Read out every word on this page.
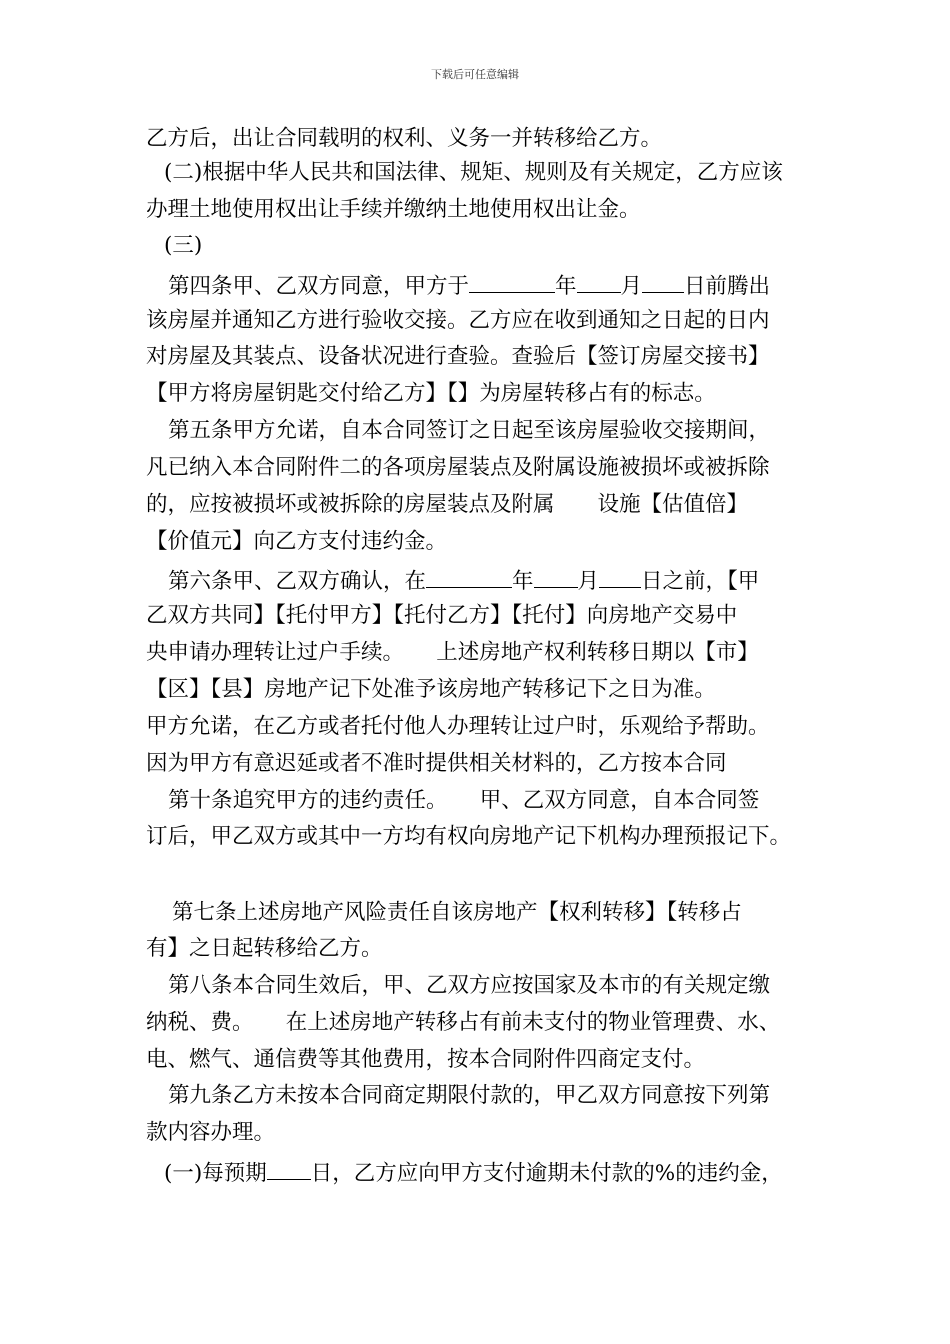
下载后可任意编辑
乙方后，出让合同载明的权利、义务一并转移给乙方。
(二)根据中华人民共和国法律、规矩、规则及有关规定，乙方应该
办理土地使用权出让手续并缴纳土地使用权出让金。
(三)
第四条甲、乙双方同意，甲方于	年 月 日前腾出
该房屋并通知乙方进行验收交接。乙方应在收到通知之日起的日内
对房屋及其装点、设备状况进行查验。查验后【签订房屋交接书】
【甲方将房屋钥匙交付给乙方】【】为房屋转移占有的标志。
第五条甲方允诺，自本合同签订之日起至该房屋验收交接期间，
凡已纳入本合同附件二的各项房屋装点及附属设施被损坏或被拆除
的，应按被损坏或被拆除的房屋装点及附属　　设施【估值倍】
【价值元】向乙方支付违约金。
第六条甲、乙双方确认，在	年 月 日之前，【甲
乙双方共同】【托付甲方】【托付乙方】【托付】向房地产交易中
央申请办理转让过户手续。　　上述房地产权利转移日期以【市】
【区】【县】房地产记下处准予该房地产转移记下之日为准。
甲方允诺，在乙方或者托付他人办理转让过户时，乐观给予帮助。
因为甲方有意迟延或者不准时提供相关材料的，乙方按本合同
第十条追究甲方的违约责任。　　甲、乙双方同意，自本合同签
订后，甲乙双方或其中一方均有权向房地产记下机构办理预报记下。
第七条上述房地产风险责任自该房地产【权利转移】【转移占
有】之日起转移给乙方。
第八条本合同生效后，甲、乙双方应按国家及本市的有关规定缴
纳税、费。　　在上述房地产转移占有前未支付的物业管理费、水、
电、燃气、通信费等其他费用，按本合同附件四商定支付。
第九条乙方未按本合同商定期限付款的，甲乙双方同意按下列第
款内容办理。
(一)每预期 日，乙方应向甲方支付逾期未付款的%的违约金，
